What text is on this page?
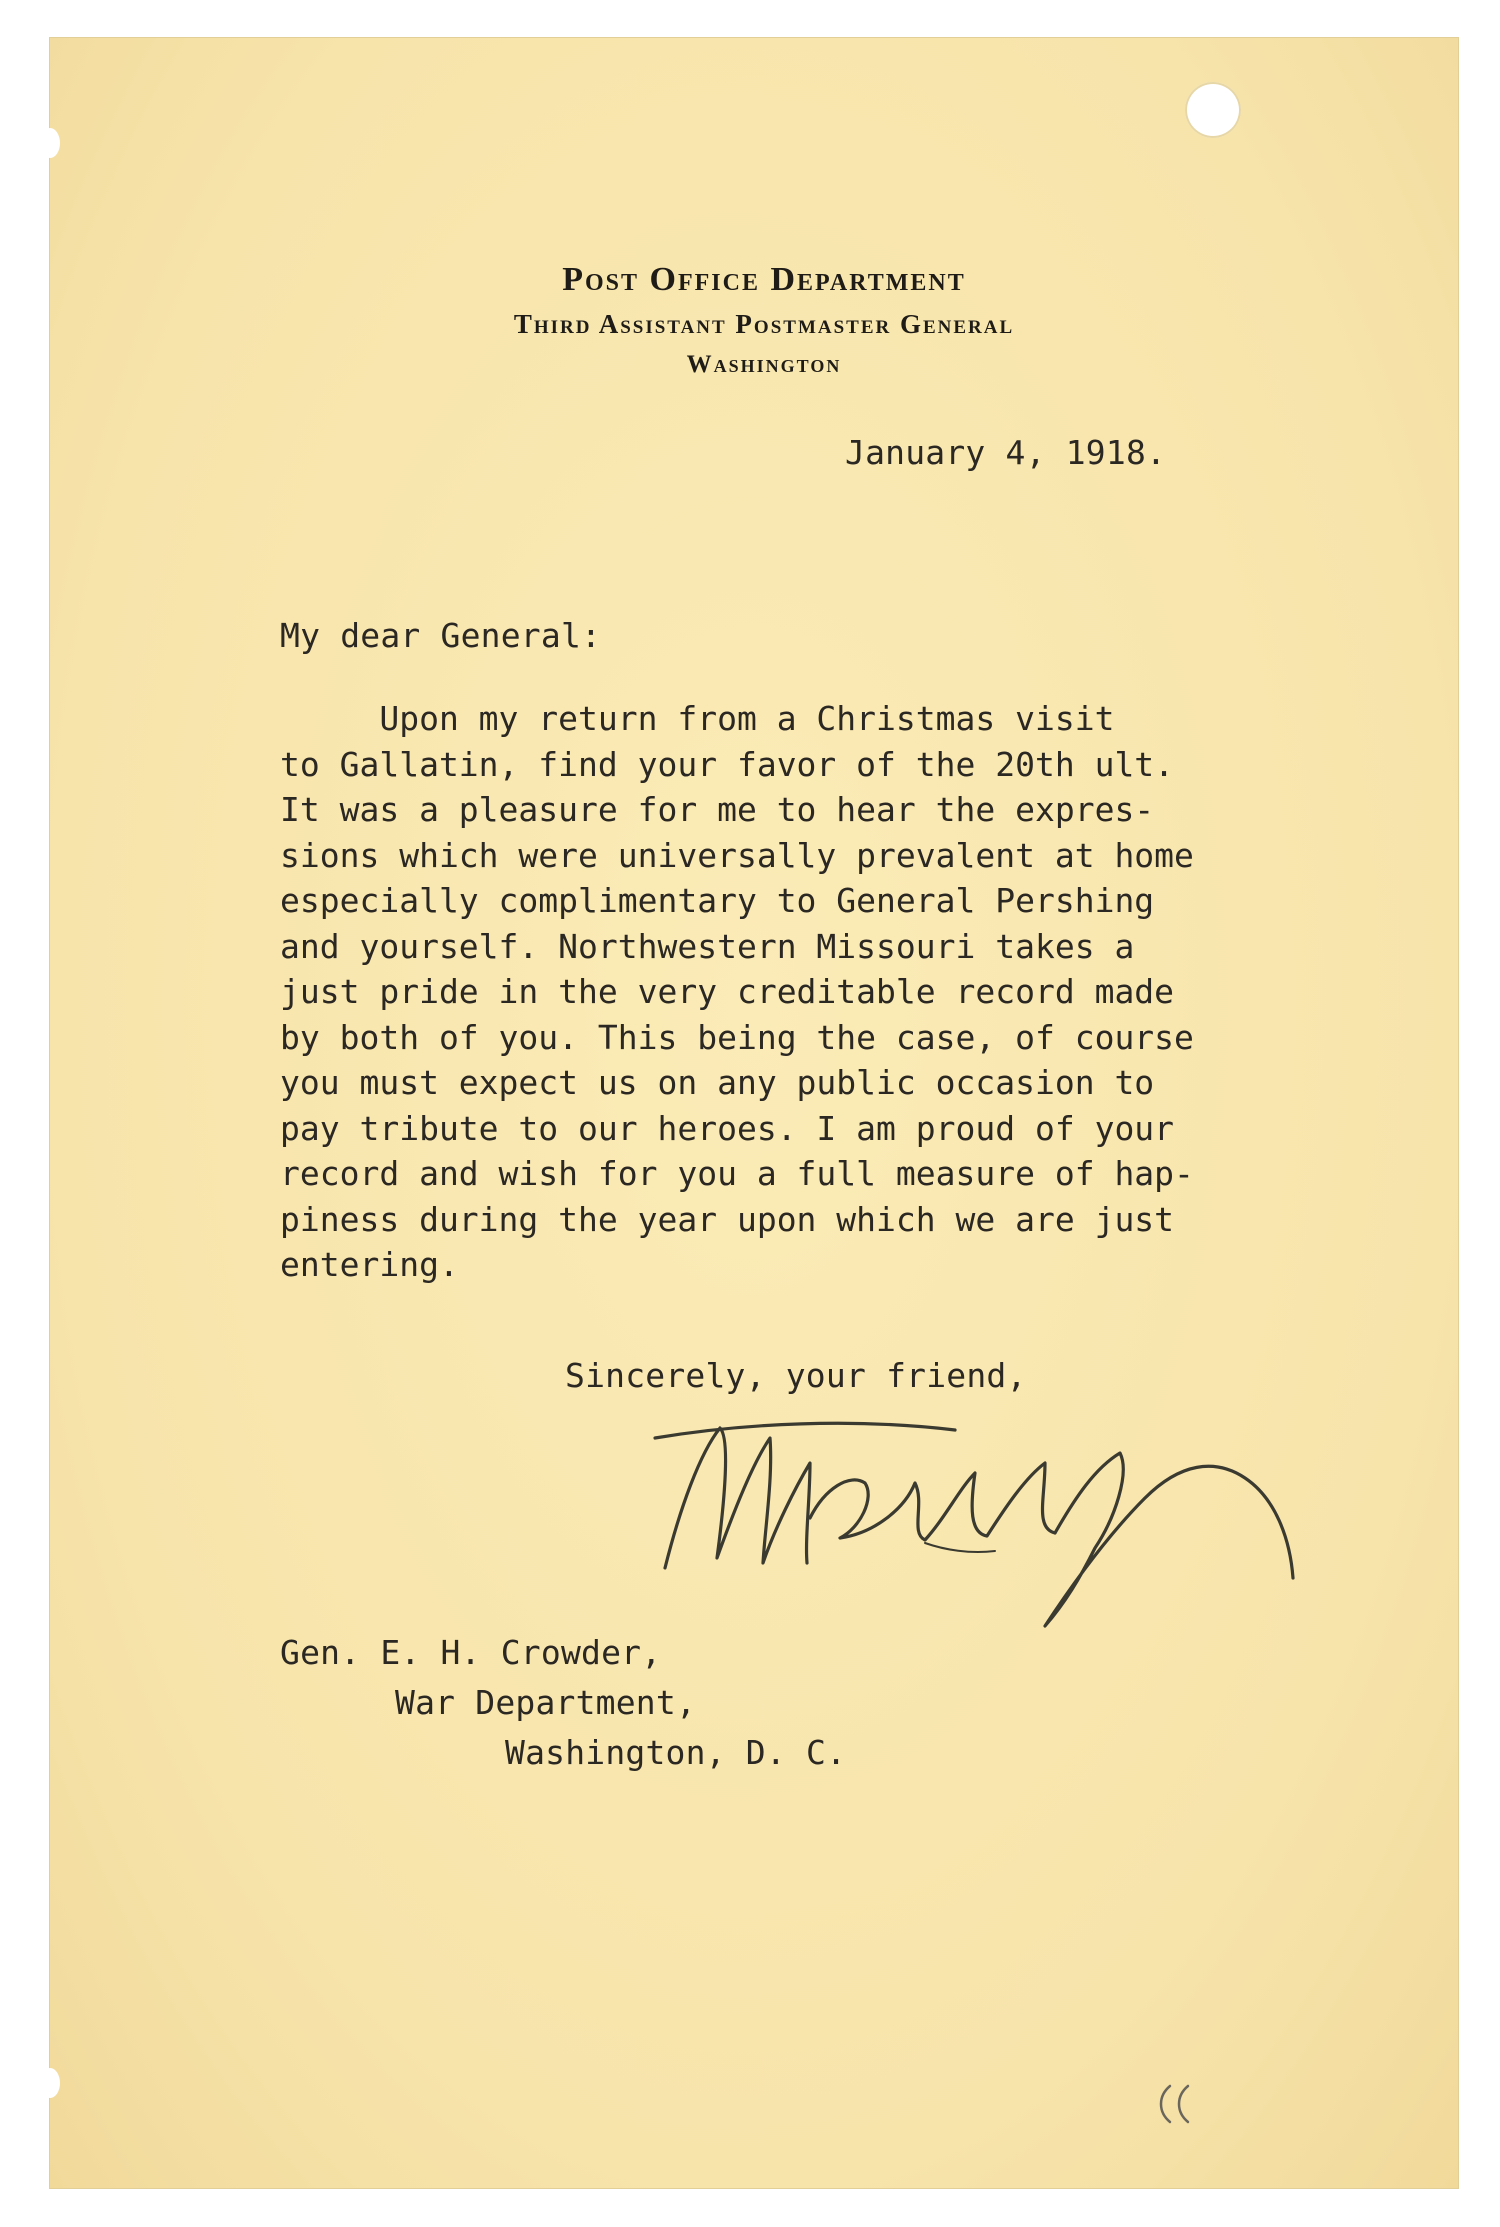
Post Office Department
Third Assistant Postmaster General
Washington
January 4, 1918.
My dear General:
Upon my return from a Christmas visit
to Gallatin, find your favor of the 20th ult.
It was a pleasure for me to hear the expres-
sions which were universally prevalent at home
especially complimentary to General Pershing
and yourself. Northwestern Missouri takes a
just pride in the very creditable record made
by both of you. This being the case, of course
you must expect us on any public occasion to
pay tribute to our heroes. I am proud of your
record and wish for you a full measure of hap-
piness during the year upon which we are just
entering.
Sincerely, your friend,
Gen. E. H. Crowder,
War Department,
Washington, D. C.
